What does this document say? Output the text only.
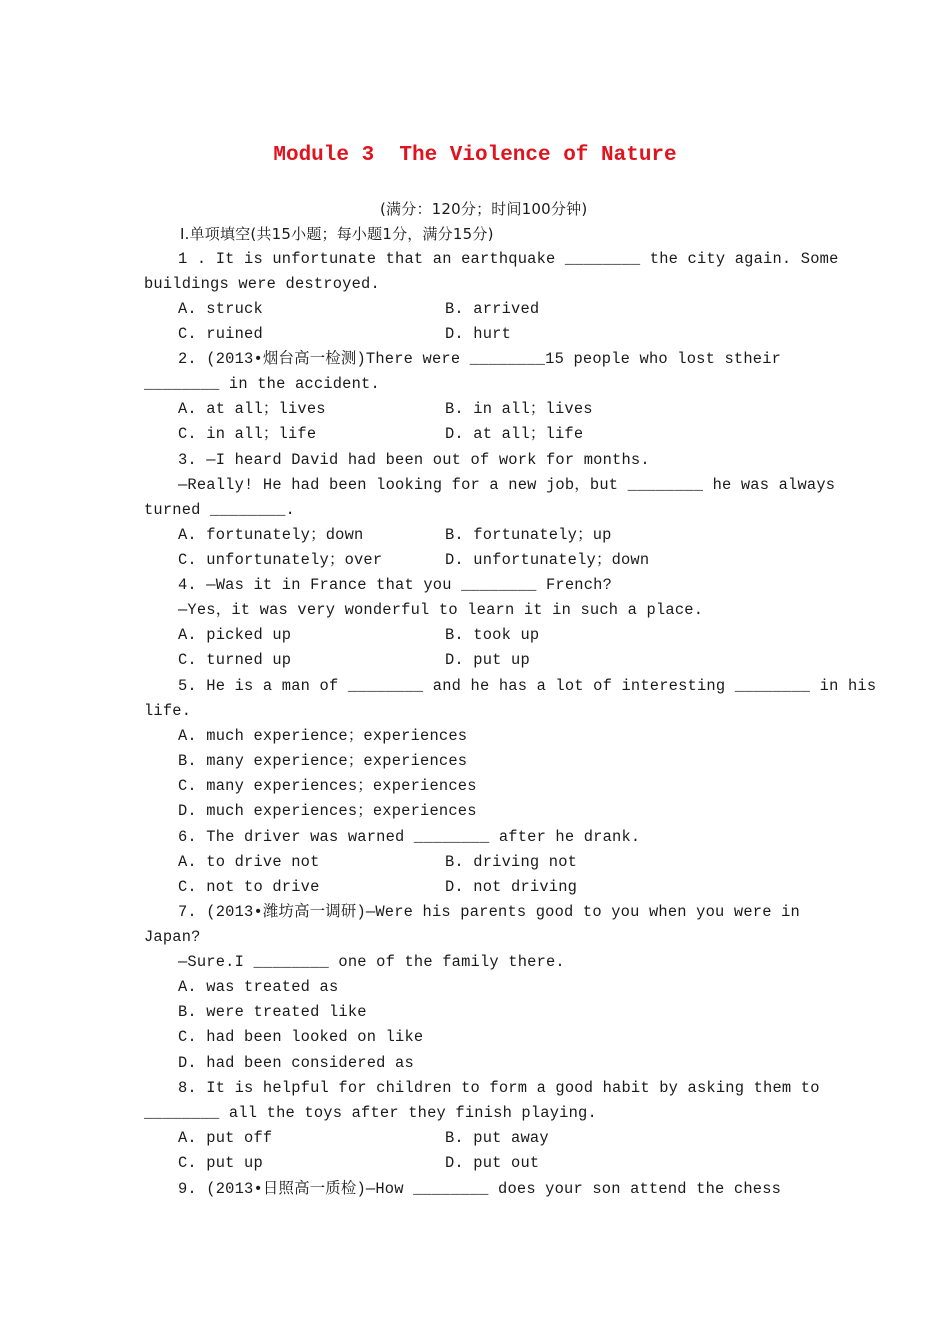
Module 3  The Violence of Nature
(满分：120分；时间100分钟)
Ⅰ.单项填空(共15小题；每小题1分，满分15分)
1 . It is unfortunate that an earthquake ________ the city again. Some
buildings were destroyed.
A. struck	B. arrived
C. ruined	D. hurt
2. (2013•烟台高一检测)There were ________15 people who lost stheir
________ in the accident.
A. at all；lives	B. in all；lives
C. in all；life	D. at all；life
3. —I heard David had been out of work for months.
—Really! He had been looking for a new job，but ________ he was always
turned ________.
A. fortunately；down	B. fortunately；up
C. unfortunately；over	D. unfortunately；down
4. —Was it in France that you ________ French?
—Yes，it was very wonderful to learn it in such a place.
A. picked up	B. took up
C. turned up	D. put up
5. He is a man of ________ and he has a lot of interesting ________ in his
life.
A. much experience；experiences
B. many experience；experiences
C. many experiences；experiences
D. much experiences；experiences
6. The driver was warned ________ after he drank.
A. to drive not	B. driving not
C. not to drive	D. not driving
7. (2013•潍坊高一调研)—Were his parents good to you when you were in
Japan?
—Sure.I ________ one of the family there.
A. was treated as
B. were treated like
C. had been looked on like
D. had been considered as
8. It is helpful for children to form a good habit by asking them to
________ all the toys after they finish playing.
A. put off	B. put away
C. put up	D. put out
9. (2013•日照高一质检)—How ________ does your son attend the chess
